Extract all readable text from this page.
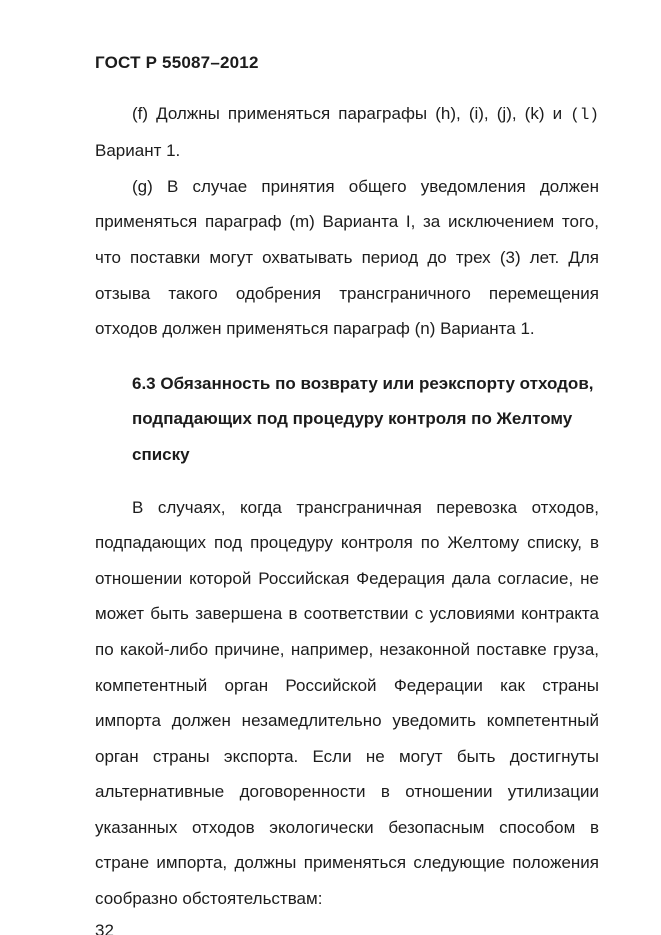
ГОСТ Р 55087–2012

(f) Должны применяться параграфы (h), (i), (j), (k) и (l) Вариант 1.

(g) В случае принятия общего уведомления должен применяться параграф (m) Варианта I, за исключением того, что поставки могут охватывать период до трех (3) лет. Для отзыва такого одобрения трансграничного перемещения отходов должен применяться параграф (n) Варианта 1.

6.3 Обязанность по возврату или реэкспорту отходов,
подпадающих под процедуру контроля по Желтому списку

В случаях, когда трансграничная перевозка отходов, подпадающих под процедуру контроля по Желтому списку, в отношении которой Российская Федерация дала согласие, не может быть завершена в соответствии с условиями контракта по какой-либо причине, например, незаконной поставке груза, компетентный орган Российской Федерации как страны импорта должен незамедлительно уведомить компетентный орган страны экспорта. Если не могут быть достигнуты альтернативные договоренности в отношении утилизации указанных отходов экологически безопасным способом в стране импорта, должны применяться следующие положения сообразно обстоятельствам:

32
